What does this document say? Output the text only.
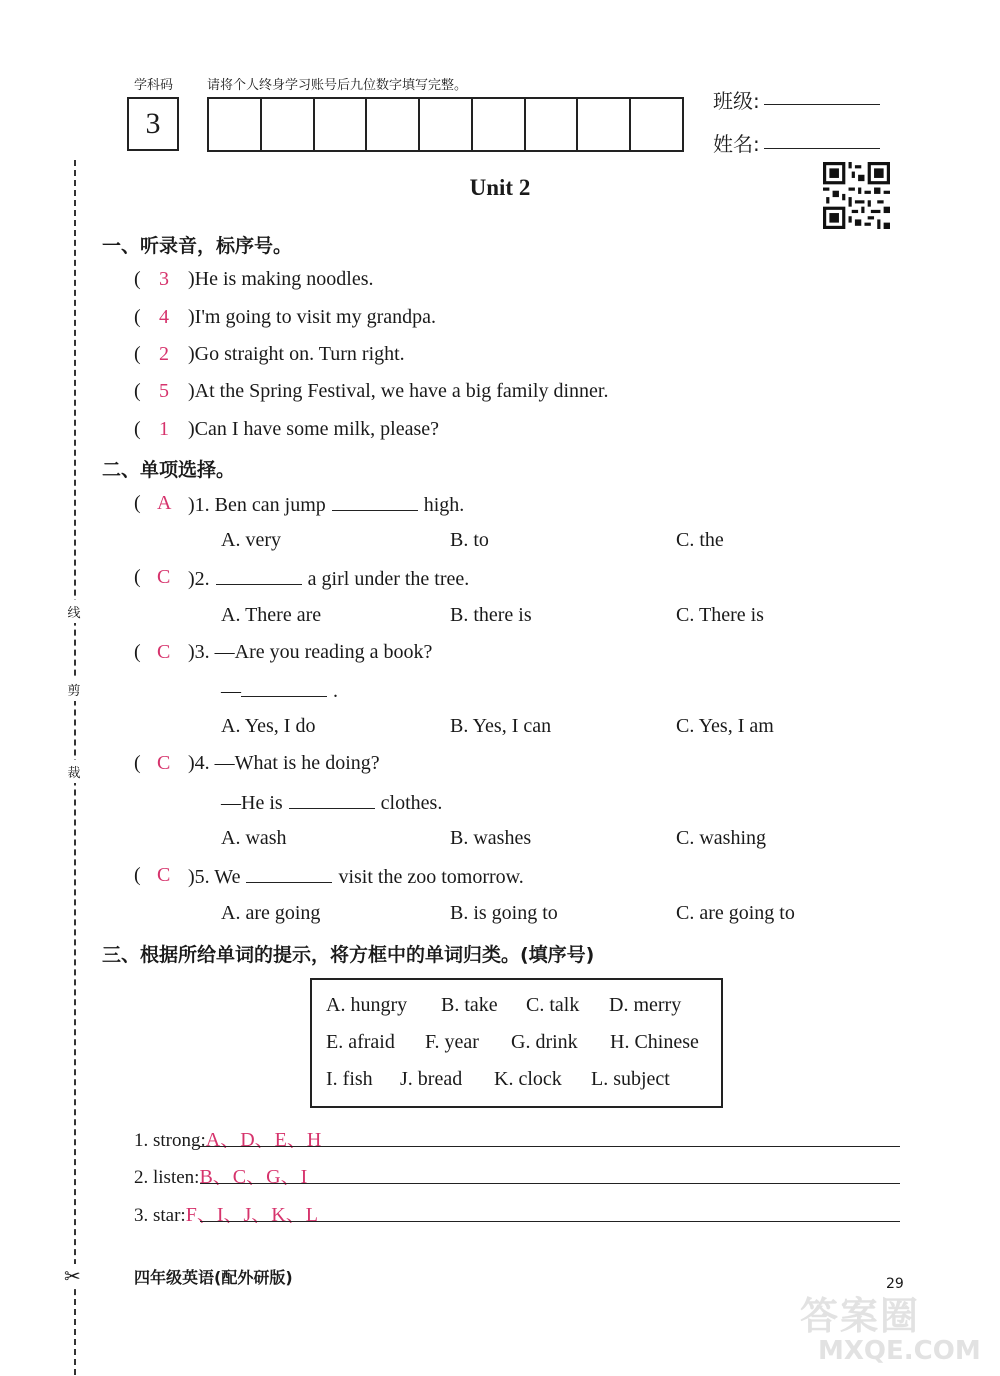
线
剪
裁
✂
学科码	请将个人终身学习账号后九位数字填写完整。
3
班级:
姓名:
Unit 2
一、听录音，标序号。
( 3 )He is making noodles.
( 4 )I'm going to visit my grandpa.
( 2 )Go straight on. Turn right.
( 5 )At the Spring Festival, we have a big family dinner.
( 1 )Can I have some milk, please?
二、单项选择。
( A )1. Ben can jump	high.
A. very	B. to	C. the
( C )2.	a girl under the tree.
A. There are	B. there is	C. There is
( C )3. —Are you reading a book?
—	.
A. Yes, I do	B. Yes, I can	C. Yes, I am
( C )4. —What is he doing?
—He is	clothes.
A. wash	B. washes	C. washing
( C )5. We	visit the zoo tomorrow.
A. are going	B. is going to	C. are going to
三、根据所给单词的提示，将方框中的单词归类。(填序号)
A. hungry B. take C. talk D. merry
E. afraid F. year G. drink H. Chinese
I. fish J. bread K. clock L. subject
1. strong:A、D、E、H
2. listen:B、C、G、I
3. star:F、I、J、K、L
四年级英语(配外研版)	29
答案圈
MXQE.COM
